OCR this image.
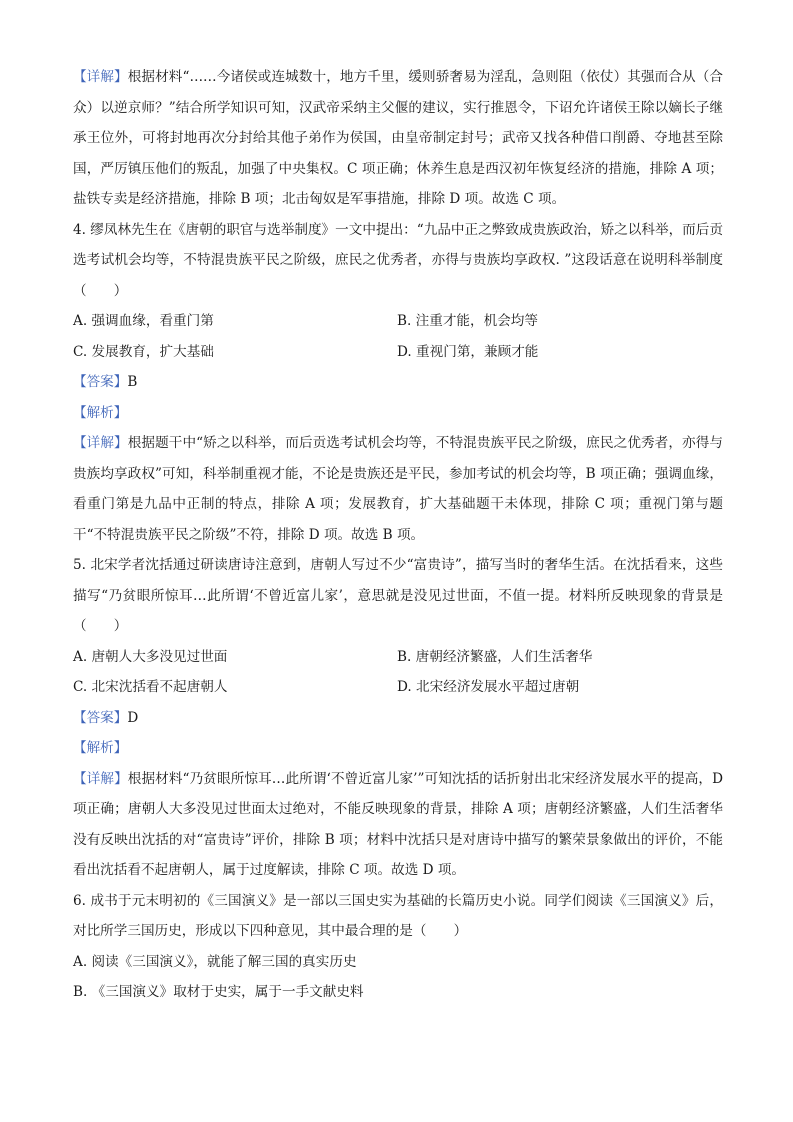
【详解】根据材料“……今诸侯或连城数十，地方千里，缓则骄奢易为淫乱，急则阻（依仗）其强而合从（合众）以逆京师？”结合所学知识可知，汉武帝采纳主父偃的建议，实行推恩令，下诏允许诸侯王除以嫡长子继承王位外，可将封地再次分封给其他子弟作为侯国，由皇帝制定封号；武帝又找各种借口削爵、夺地甚至除国，严厉镇压他们的叛乱，加强了中央集权。C 项正确；休养生息是西汉初年恢复经济的措施，排除 A 项；盐铁专卖是经济措施，排除 B 项；北击匈奴是军事措施，排除 D 项。故选 C 项。

4. 缪凤林先生在《唐朝的职官与选举制度》一文中提出：“九品中正之弊致成贵族政治，矫之以科举，而后贡选考试机会均等，不特混贵族平民之阶级，庶民之优秀者，亦得与贵族均享政权. ”这段话意在说明科举制度（　　）

A. 强调血缘，看重门第	B. 注重才能，机会均等
C. 发展教育，扩大基础	D. 重视门第，兼顾才能

【答案】B

【解析】

【详解】根据题干中“矫之以科举，而后贡选考试机会均等，不特混贵族平民之阶级，庶民之优秀者，亦得与贵族均享政权”可知，科举制重视才能，不论是贵族还是平民，参加考试的机会均等，B 项正确；强调血缘，看重门第是九品中正制的特点，排除 A 项；发展教育，扩大基础题干未体现，排除 C 项；重视门第与题干“不特混贵族平民之阶级”不符，排除 D 项。故选 B 项。

5. 北宋学者沈括通过研读唐诗注意到，唐朝人写过不少“富贵诗”，描写当时的奢华生活。在沈括看来，这些描写“乃贫眼所惊耳…此所谓‘不曾近富儿家’，意思就是没见过世面，不值一提。材料所反映现象的背景是（　　）

A. 唐朝人大多没见过世面	B. 唐朝经济繁盛，人们生活奢华
C. 北宋沈括看不起唐朝人	D. 北宋经济发展水平超过唐朝

【答案】D

【解析】

【详解】根据材料“乃贫眼所惊耳…此所谓‘不曾近富儿家’”可知沈括的话折射出北宋经济发展水平的提高，D 项正确；唐朝人大多没见过世面太过绝对，不能反映现象的背景，排除 A 项；唐朝经济繁盛，人们生活奢华没有反映出沈括的对“富贵诗”评价，排除 B 项；材料中沈括只是对唐诗中描写的繁荣景象做出的评价，不能看出沈括看不起唐朝人，属于过度解读，排除 C 项。故选 D 项。

6. 成书于元末明初的《三国演义》是一部以三国史实为基础的长篇历史小说。同学们阅读《三国演义》后，对比所学三国历史，形成以下四种意见，其中最合理的是（　　）

A. 阅读《三国演义》，就能了解三国的真实历史

B. 《三国演义》取材于史实，属于一手文献史料
